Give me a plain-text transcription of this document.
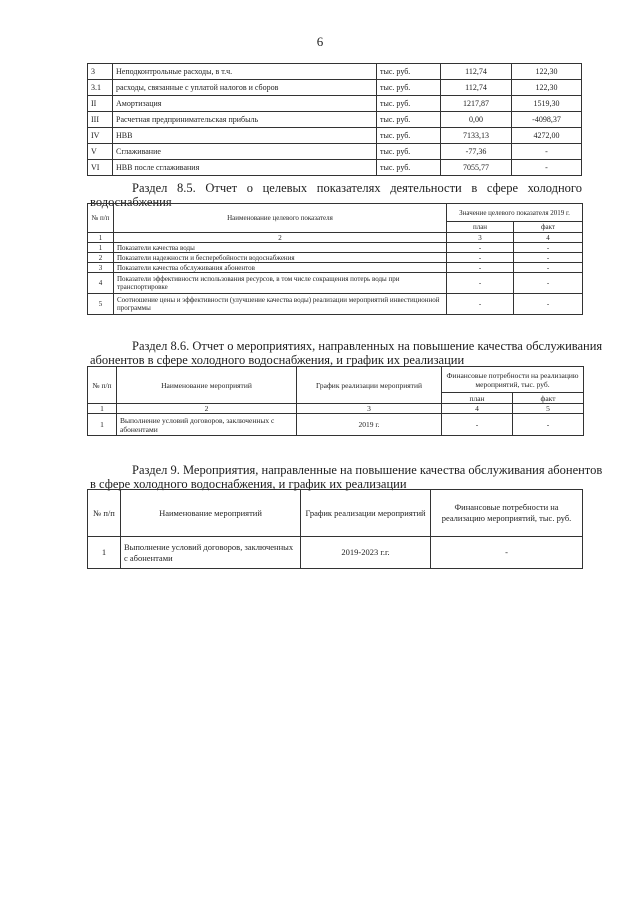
6
3	Неподконтрольные расходы, в т.ч.	тыс. руб.	112,74	122,30
3.1	расходы, связанные с уплатой налогов и сборов	тыс. руб.	112,74	122,30
II	Амортизация	тыс. руб.	1217,87	1519,30
III	Расчетная предпринимательская прибыль	тыс. руб.	0,00	-4098,37
IV	НВВ	тыс. руб.	7133,13	4272,00
V	Сглаживание	тыс. руб.	-77,36	-
VI	НВВ после сглаживания	тыс. руб.	7055,77	-
Раздел 8.5. Отчет о целевых показателях деятельности в сфере холодного
водоснабжения
№ п/п	Наименование целевого показателя	Значение целевого показателя 2019 г.	
		план	факт
1	2	3	4
1	Показатели качества воды	-	-
2	Показатели надежности и бесперебойности водоснабжения	-	-
3	Показатели качества обслуживания абонентов	-	-
4	Показатели эффективности использования ресурсов, в том числе сокращения потерь воды при транспортировке	-	-
5	Соотношение цены и эффективности (улучшение качества воды) реализации мероприятий инвестиционной программы	-	-
Раздел 8.6. Отчет о мероприятиях, направленных на повышение качества обслуживания
абонентов в сфере холодного водоснабжения, и график их реализации
№ п/п	Наименование мероприятий	График реализации мероприятий	Финансовые потребности на реализацию мероприятий, тыс. руб.	
			план	факт
1	2	3	4	5
1	Выполнение условий договоров, заключенных с абонентами	2019 г.	-	-
Раздел 9. Мероприятия, направленные на повышение качества обслуживания абонентов
в сфере холодного водоснабжения, и график их реализации
№ п/п	Наименование мероприятий	График реализации мероприятий	Финансовые потребности на реализацию мероприятий, тыс. руб.
1	Выполнение условий договоров, заключенных с абонентами	2019-2023 г.г.	-
